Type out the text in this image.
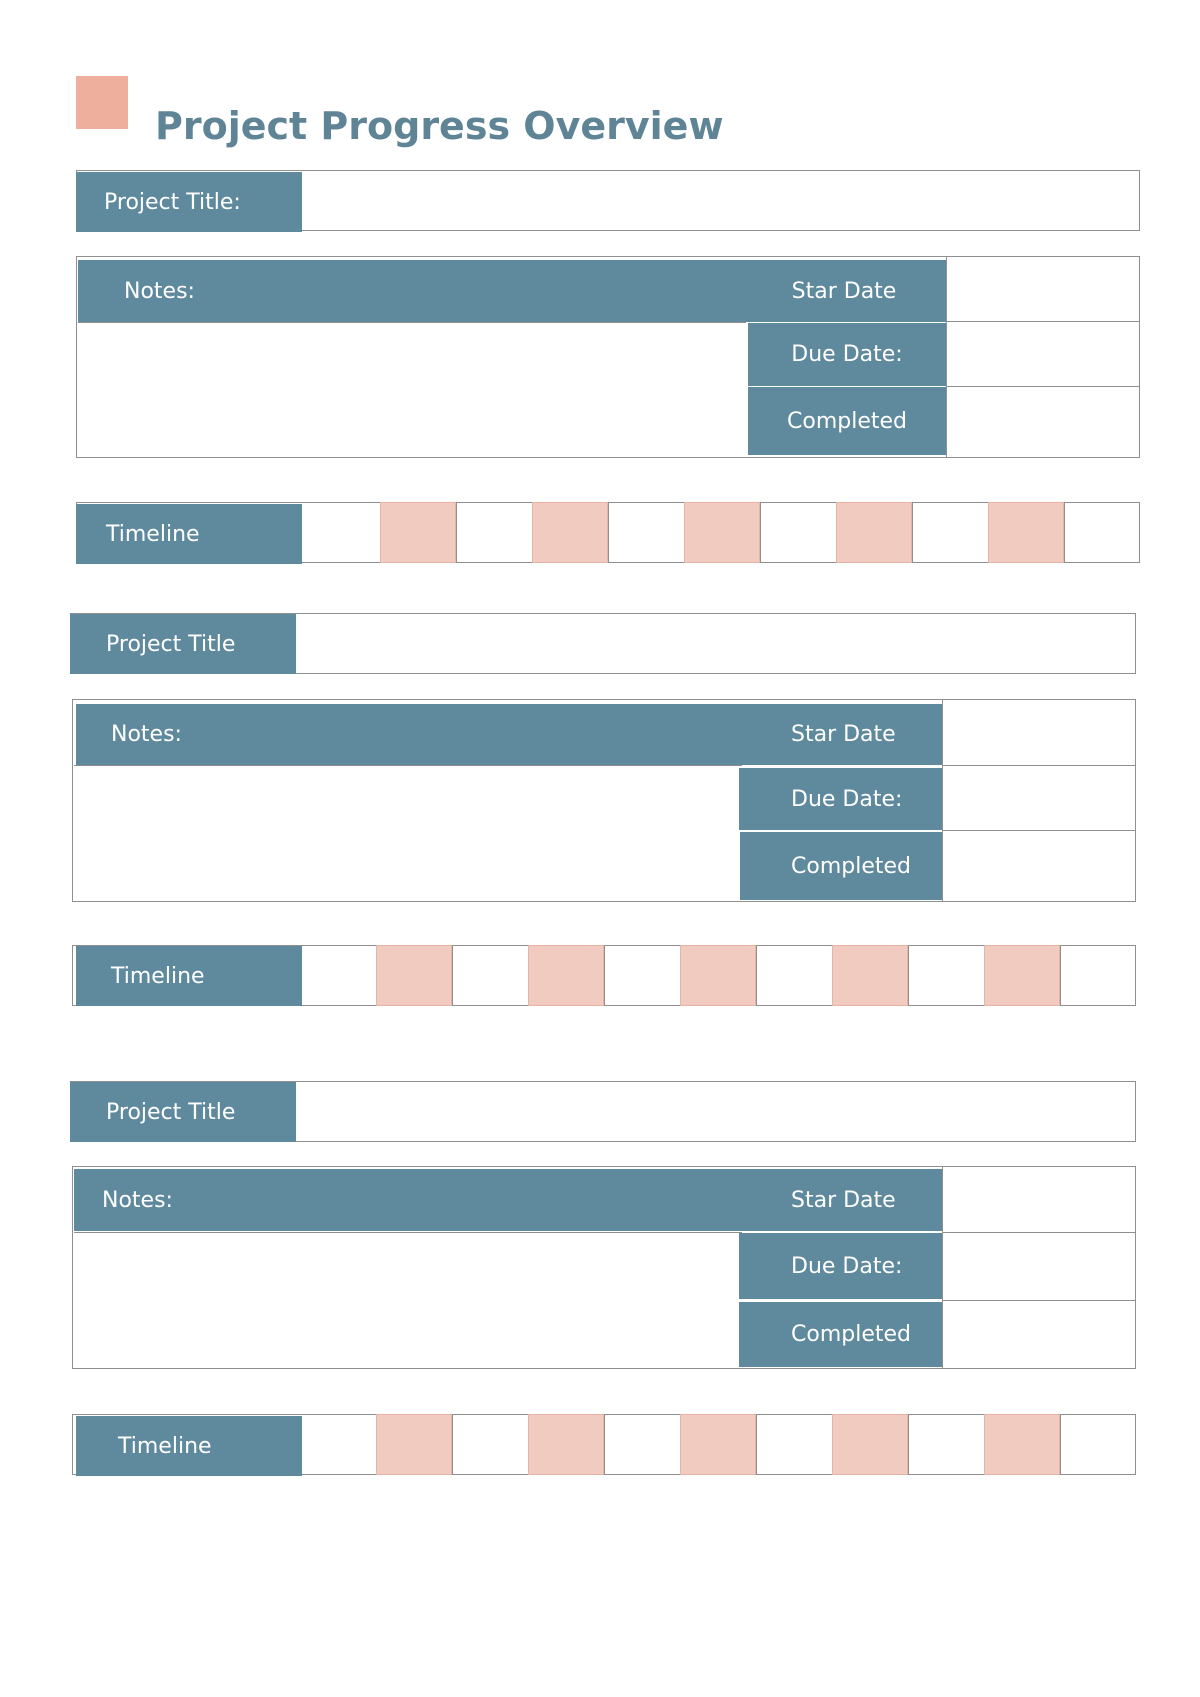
Project Progress Overview
Project Title:
Notes:	Star Date
Due Date:
Completed
Timeline
Project Title
Notes:	Star Date
Due Date:
Completed
Timeline
Project Title
Notes:	Star Date
Due Date:
Completed
Timeline
